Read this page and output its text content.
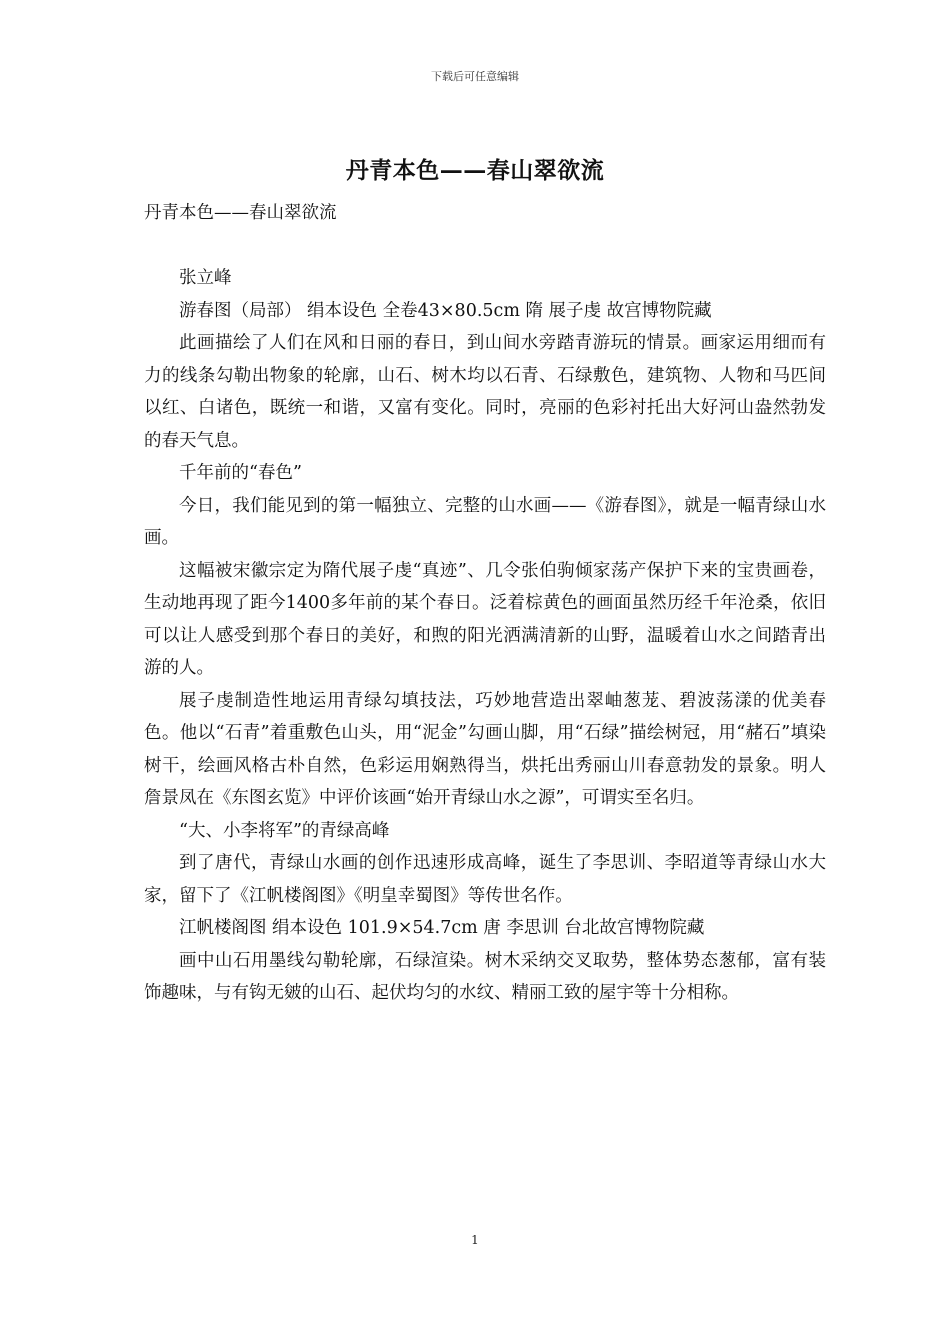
下载后可任意编辑
丹青本色——春山翠欲流

丹青本色——春山翠欲流

张立峰

游春图（局部） 绢本设色 全卷43×80.5cm 隋 展子虔 故宫博物院藏

此画描绘了人们在风和日丽的春日，到山间水旁踏青游玩的情景。画家运用细而有力的线条勾勒出物象的轮廓，山石、树木均以石青、石绿敷色，建筑物、人物和马匹间以红、白诸色，既统一和谐，又富有变化。同时，亮丽的色彩衬托出大好河山盎然勃发的春天气息。

千年前的“春色”

今日，我们能见到的第一幅独立、完整的山水画——《游春图》，就是一幅青绿山水画。

这幅被宋徽宗定为隋代展子虔“真迹”、几令张伯驹倾家荡产保护下来的宝贵画卷，生动地再现了距今1400多年前的某个春日。泛着棕黄色的画面虽然历经千年沧桑，依旧可以让人感受到那个春日的美好，和煦的阳光洒满清新的山野，温暖着山水之间踏青出游的人。

展子虔制造性地运用青绿勾填技法，巧妙地营造出翠岫葱茏、碧波荡漾的优美春色。他以“石青”着重敷色山头，用“泥金”勾画山脚，用“石绿”描绘树冠，用“赭石”填染树干，绘画风格古朴自然，色彩运用娴熟得当，烘托出秀丽山川春意勃发的景象。明人詹景凤在《东图玄览》中评价该画“始开青绿山水之源”，可谓实至名归。

“大、小李将军”的青绿高峰

到了唐代，青绿山水画的创作迅速形成高峰，诞生了李思训、李昭道等青绿山水大家，留下了《江帆楼阁图》《明皇幸蜀图》等传世名作。

江帆楼阁图 绢本设色 101.9×54.7cm 唐 李思训 台北故宫博物院藏

画中山石用墨线勾勒轮廓，石绿渲染。树木采纳交叉取势，整体势态葱郁，富有装饰趣味，与有钩无皴的山石、起伏均匀的水纹、精丽工致的屋宇等十分相称。

1
